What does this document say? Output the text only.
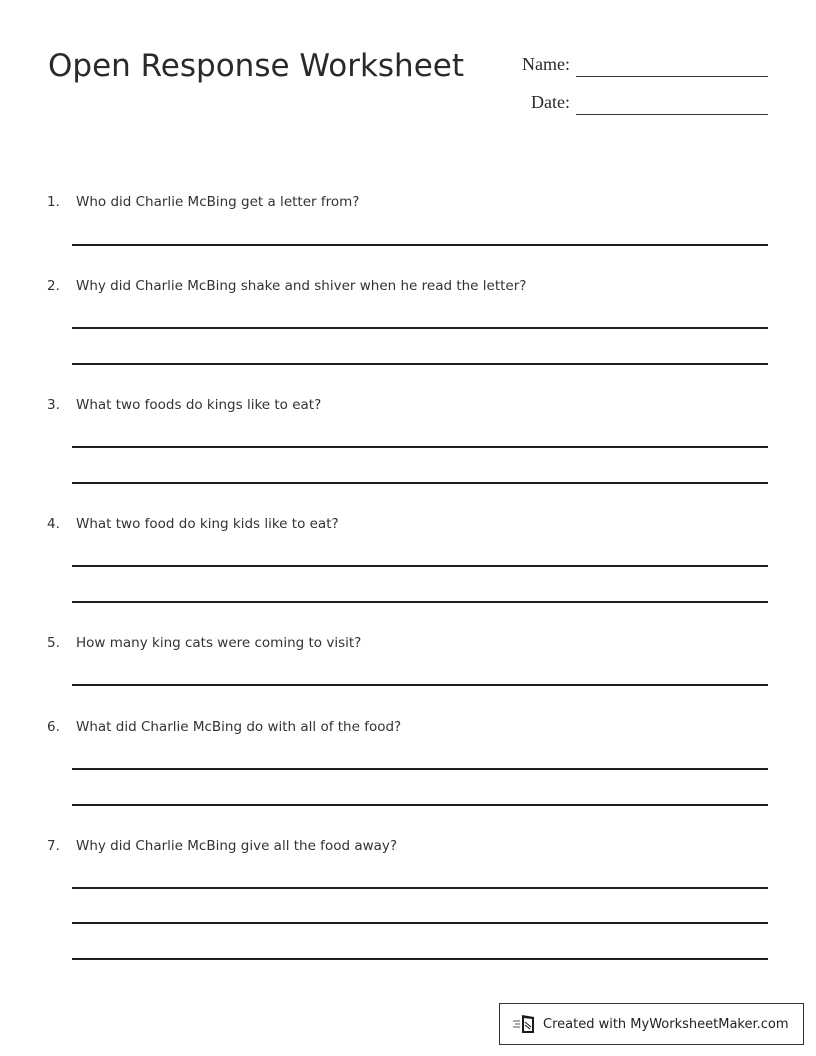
Open Response Worksheet	Name:
Date:
1. Who did Charlie McBing get a letter from?
2. Why did Charlie McBing shake and shiver when he read the letter?
3. What two foods do kings like to eat?
4. What two food do king kids like to eat?
5. How many king cats were coming to visit?
6. What did Charlie McBing do with all of the food?
7. Why did Charlie McBing give all the food away?
Created with MyWorksheetMaker.com
